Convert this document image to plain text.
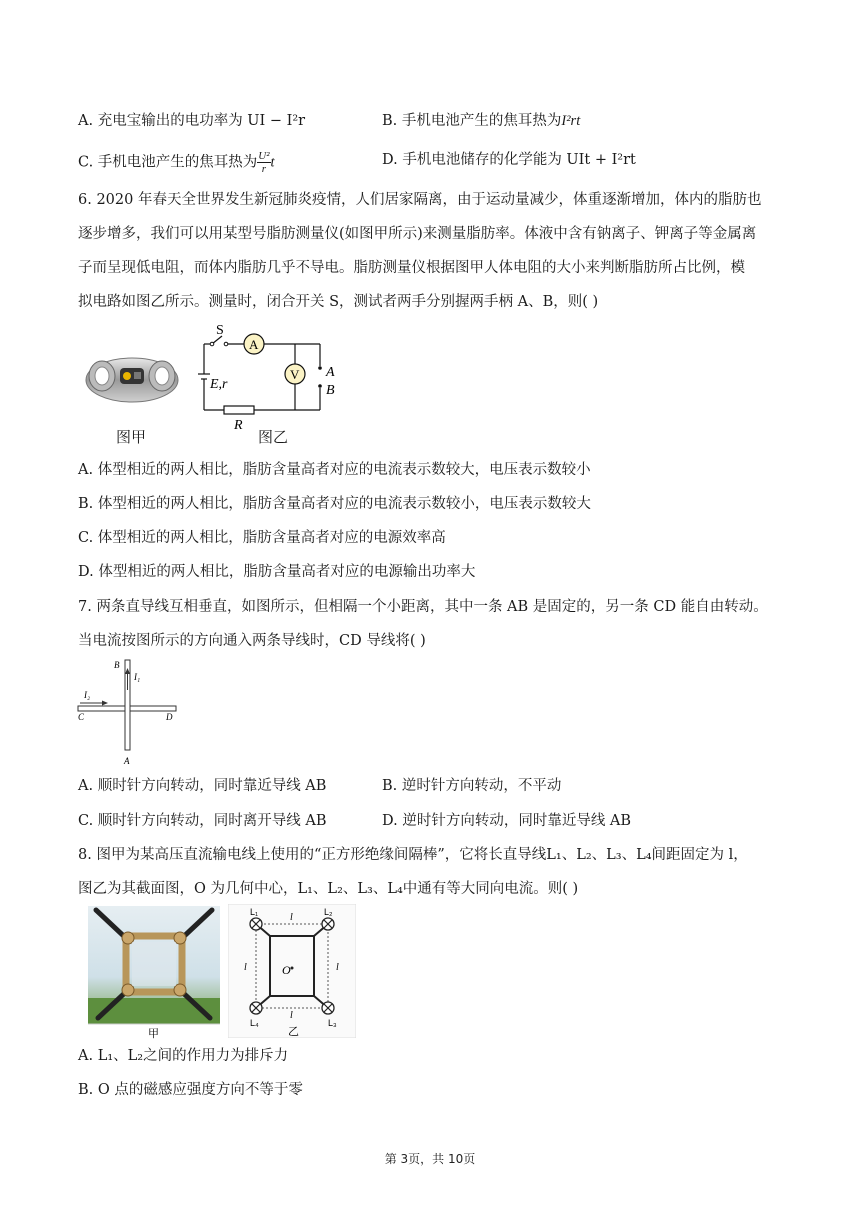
A. 充电宝输出的电功率为 UI − I²r	B. 手机电池产生的焦耳热为I²rt
C. 手机电池产生的焦耳热为 $\frac{\text{U²}}{r}$ t	D. 手机电池储存的化学能为 UIt + I²rt
6. 2020 年春天全世界发生新冠肺炎疫情，人们居家隔离，由于运动量减少，体重逐渐增加，体内的脂肪也
逐步增多，我们可以用某型号脂肪测量仪(如图甲所示)来测量脂肪率。体液中含有钠离子、钾离子等金属离
子而呈现低电阻，而体内脂肪几乎不导电。脂肪测量仪根据图甲人体电阻的大小来判断脂肪所占比例，模
拟电路如图乙所示。测量时，闭合开关 S，测试者两手分别握两手柄 A、B，则( )
图甲
S
A
V
E,r
R
A
B
图乙
A. 体型相近的两人相比，脂肪含量高者对应的电流表示数较大，电压表示数较小
B. 体型相近的两人相比，脂肪含量高者对应的电流表示数较小，电压表示数较大
C. 体型相近的两人相比，脂肪含量高者对应的电源效率高
D. 体型相近的两人相比，脂肪含量高者对应的电源输出功率大
7. 两条直导线互相垂直，如图所示，但相隔一个小距离，其中一条 AB 是固定的，另一条 CD 能自由转动。
当电流按图所示的方向通入两条导线时，CD 导线将( )
B
I₁
I₂
C	D
A
A. 顺时针方向转动，同时靠近导线 AB	B. 逆时针方向转动，不平动
C. 顺时针方向转动，同时离开导线 AB	D. 逆时针方向转动，同时靠近导线 AB
8. 图甲为某高压直流输电线上使用的“正方形绝缘间隔棒”，它将长直导线L₁、L₂、L₃、L₄间距固定为 l，
图乙为其截面图，O 为几何中心，L₁、L₂、L₃、L₄中通有等大同向电流。则( )
甲
L₁	L₂
L₃
L₄
l
l	l
l
O
乙
A. L₁、L₂之间的作用力为排斥力
B. O 点的磁感应强度方向不等于零
第 3页，共 10页
